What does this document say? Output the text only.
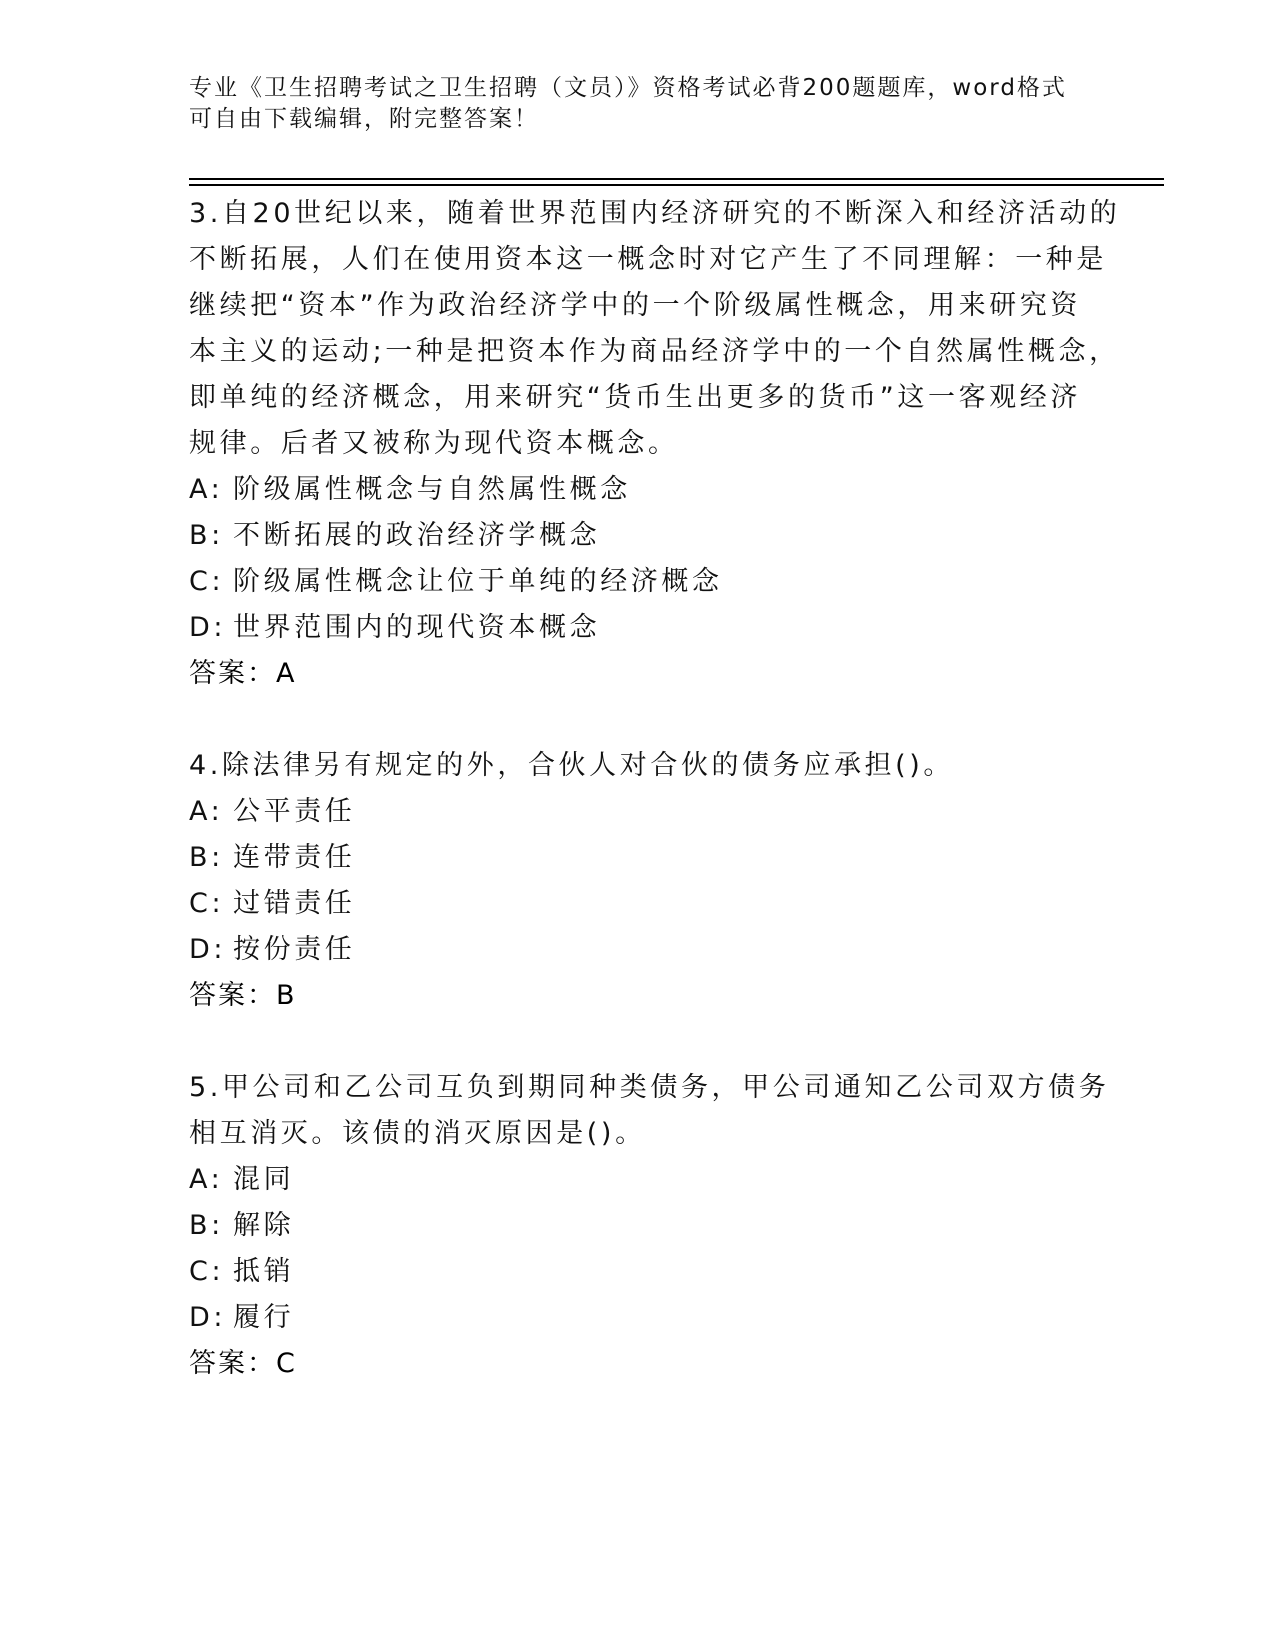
专业《卫生招聘考试之卫生招聘（文员）》资格考试必背200题题库，word格式

可自由下载编辑，附完整答案！

3.自20世纪以来，随着世界范围内经济研究的不断深入和经济活动的
不断拓展，人们在使用资本这一概念时对它产生了不同理解：一种是
继续把“资本”作为政治经济学中的一个阶级属性概念，用来研究资
本主义的运动;一种是把资本作为商品经济学中的一个自然属性概念，
即单纯的经济概念，用来研究“货币生出更多的货币”这一客观经济
规律。后者又被称为现代资本概念。
A: 阶级属性概念与自然属性概念
B: 不断拓展的政治经济学概念
C: 阶级属性概念让位于单纯的经济概念
D: 世界范围内的现代资本概念
答案：A
4.除法律另有规定的外，合伙人对合伙的债务应承担()。
A: 公平责任
B: 连带责任
C: 过错责任
D: 按份责任
答案：B
5.甲公司和乙公司互负到期同种类债务，甲公司通知乙公司双方债务
相互消灭。该债的消灭原因是()。
A: 混同
B: 解除
C: 抵销
D: 履行
答案：C
